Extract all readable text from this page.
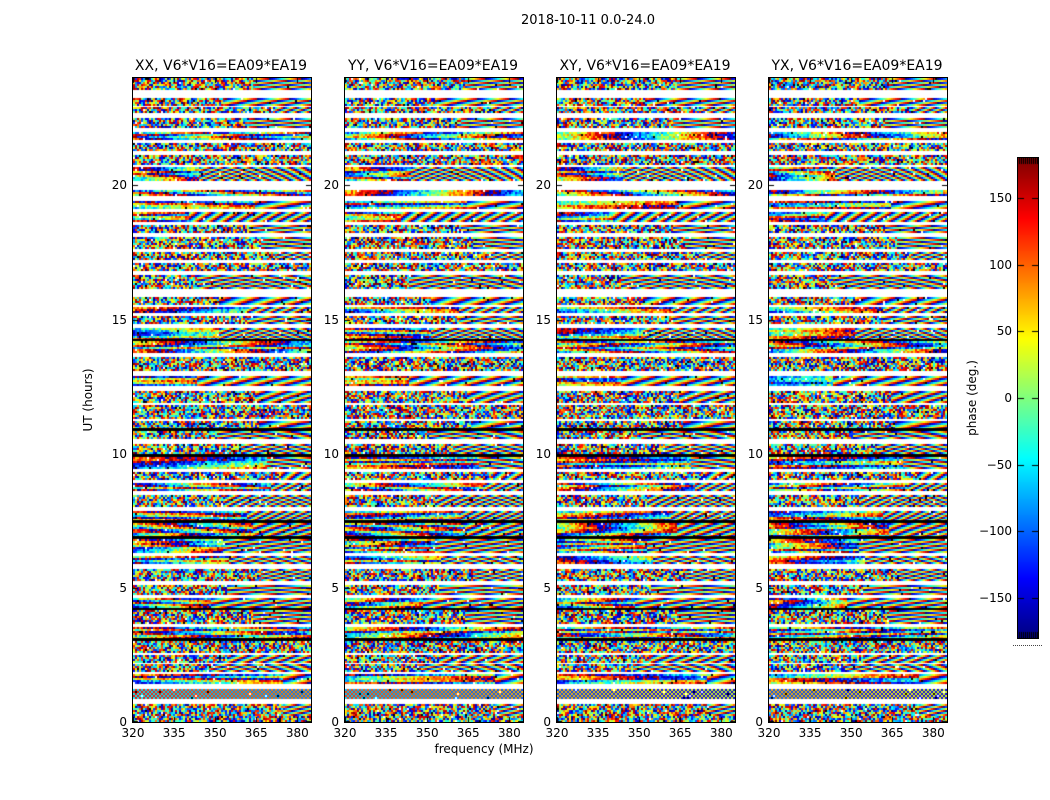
2018-10-11 0.0-24.0
XX, V6*V16=EA09*EA19	YY, V6*V16=EA09*EA19	XY, V6*V16=EA09*EA19	YX, V6*V16=EA09*EA19
320	335	350	365	380
0
5
10
15
20
320	335	350	365	380
0
5
10
15
20
320	335	350	365	380
0
5
10
15
20
320	335	350	365	380
0
5
10
15
20
150
100
50
0
−50
−100
−150
frequency (MHz)
UT (hours)	phase (deg.)
